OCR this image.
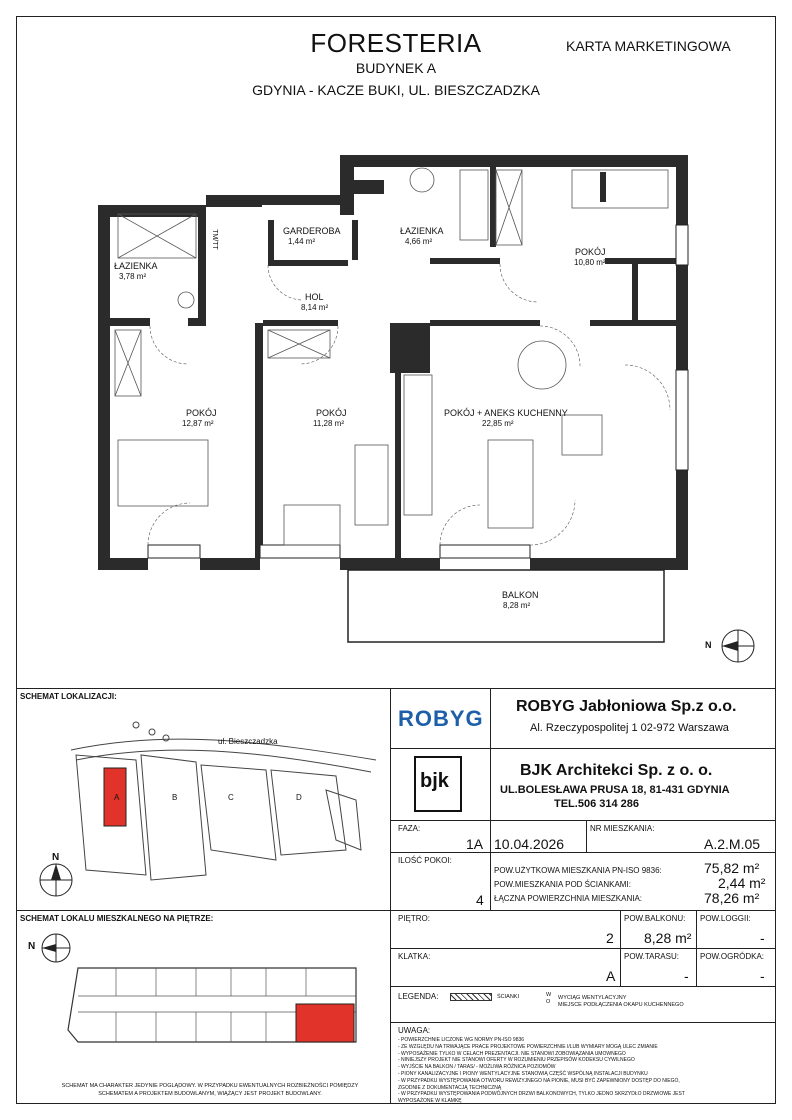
FORESTERIA
BUDYNEK A
GDYNIA - KACZE BUKI, UL. BIESZCZADZKA
KARTA MARKETINGOWA
ŁAZIENKA
3,78 m²
GARDEROBA
1,44 m²
ŁAZIENKA
4,66 m²
POKÓJ
10,80 m²
HOL
8,14 m²
POKÓJ
12,87 m²
POKÓJ
11,28 m²
POKÓJ + ANEKS KUCHENNY
22,85 m²
BALKON
8,28 m²
TM/TT
N
SCHEMAT LOKALIZACJI:
ul. Bieszczadzka
A	B	C	D
N
SCHEMAT LOKALU MIESZKALNEGO NA PIĘTRZE:
N
SCHEMAT MA CHARAKTER JEDYNIE POGLĄDOWY. W PRZYPADKU EWENTUALNYCH ROZBIEŻNOŚCI POMIĘDZY SCHEMATEM A PROJEKTEM BUDOWLANYM, WIĄŻĄCY JEST PROJEKT BUDOWLANY.
ROBYG ROBYG Jabłoniowa Sp.z o.o.
Al. Rzeczypospolitej 1 02-972 Warszawa
bjk	BJK Architekci Sp. z o. o.
UL.BOLESŁAWA PRUSA 18, 81-431 GDYNIA
TEL.506 314 286
FAZA:
1A 10.04.2026
NR MIESZKANIA:
A.2.M.05
ILOŚĆ POKOI:
4
POW.UŻYTKOWA MIESZKANIA PN-ISO 9836:	75,82 m²
POW.MIESZKANIA POD ŚCIANKAMI:	2,44 m²
ŁĄCZNA POWIERZCHNIA MIESZKANIA:	78,26 m²
PIĘTRO:
2
POW.BALKONU:
8,28 m²
POW.LOGGII:
-
KLATKA:
A
POW.TARASU:
-
POW.OGRÓDKA:
-
LEGENDA:	ŚCIANKI	W WYCIĄG WENTYLACYJNY
O MIEJSCE PODŁĄCZENIA OKAPU KUCHENNEGO
UWAGA:
- POWIERZCHNIE LICZONE WG NORMY PN-ISO 9836
- ZE WZGLĘDU NA TRWAJĄCE PRACE PROJEKTOWE POWIERZCHNIE I/LUB WYMIARY MOGĄ ULEC ZMIANIE
- WYPOSAŻENIE TYLKO W CELACH PREZENTACJI. NIE STANOWI ZOBOWIĄZANIA UMOWNEGO
- NINIEJSZY PROJEKT NIE STANOWI OFERTY W ROZUMIENIU PRZEPISÓW KODEKSU CYWILNEGO
- WYJŚCIE NA BALKON / TARAS/ - MOŻLIWA RÓŻNICA POZIOMÓW
- PIONY KANALIZACYJNE I PIONY WENTYLACYJNE STANOWIĄ CZĘŚĆ WSPÓLNĄ INSTALACJI BUDYNKU
- W PRZYPADKU WYSTĘPOWANIA OTWORU REWIZYJNEGO NA PIONIE, MUSI BYĆ ZAPEWNIONY DOSTĘP DO NIEGO, ZGODNIE Z DOKUMENTACJĄ TECHNICZNĄ
- W PRZYPADKU WYSTĘPOWANIA PODWÓJNYCH DRZWI BALKONOWYCH, TYLKO JEDNO SKRZYDŁO DRZWIOWE JEST WYPOSAŻONE W KLAMKĘ
